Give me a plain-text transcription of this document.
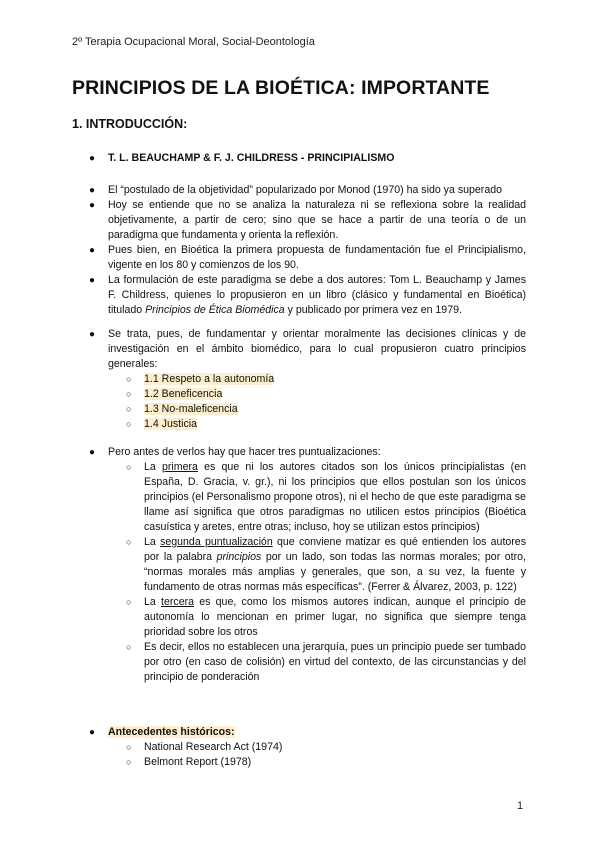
2º Terapia Ocupacional Moral, Social-Deontología
PRINCIPIOS DE LA BIOÉTICA: IMPORTANTE
1. INTRODUCCIÓN:
● T. L. BEAUCHAMP & F. J. CHILDRESS - PRINCIPIALISMO
● El “postulado de la objetividad” popularizado por Monod (1970) ha sido ya superado
● Hoy se entiende que no se analiza la naturaleza ni se reflexiona sobre la realidad objetivamente, a partir de cero; sino que se hace a partir de una teoría o de un paradigma que fundamenta y orienta la reflexión.
● Pues bien, en Bioética la primera propuesta de fundamentación fue el Principialismo, vigente en los 80 y comienzos de los 90.
● La formulación de este paradigma se debe a dos autores: Tom L. Beauchamp y James F. Childress, quienes lo propusieron en un libro (clásico y fundamental en Bioética) titulado Principios de Ética Biomédica y publicado por primera vez en 1979.
● Se trata, pues, de fundamentar y orientar moralmente las decisiones clínicas y de investigación en el ámbito biomédico, para lo cual propusieron cuatro principios generales:
○ 1.1 Respeto a la autonomía
○ 1.2 Beneficencia
○ 1.3 No-maleficencia
○ 1.4 Justicia
● Pero antes de verlos hay que hacer tres puntualizaciones:
○ La primera es que ni los autores citados son los únicos principialistas (en España, D. Gracia, v. gr.), ni los principios que ellos postulan son los únicos principios (el Personalismo propone otros), ni el hecho de que este paradigma se llame así significa que otros paradigmas no utilicen estos principios (Bioética casuística y aretes, entre otras; incluso, hoy se utilizan estos principios)
○ La segunda puntualización que conviene matizar es qué entienden los autores por la palabra principios por un lado, son todas las normas morales; por otro, “normas morales más amplias y generales, que son, a su vez, la fuente y fundamento de otras normas más específicas”. (Ferrer & Álvarez, 2003, p. 122)
○ La tercera es que, como los mismos autores indican, aunque el principio de autonomía lo mencionan en primer lugar, no significa que siempre tenga prioridad sobre los otros
○ Es decir, ellos no establecen una jerarquía, pues un principio puede ser tumbado por otro (en caso de colisión) en virtud del contexto, de las circunstancias y del principio de ponderación
● Antecedentes históricos:
○ National Research Act (1974)
○ Belmont Report (1978)
1
